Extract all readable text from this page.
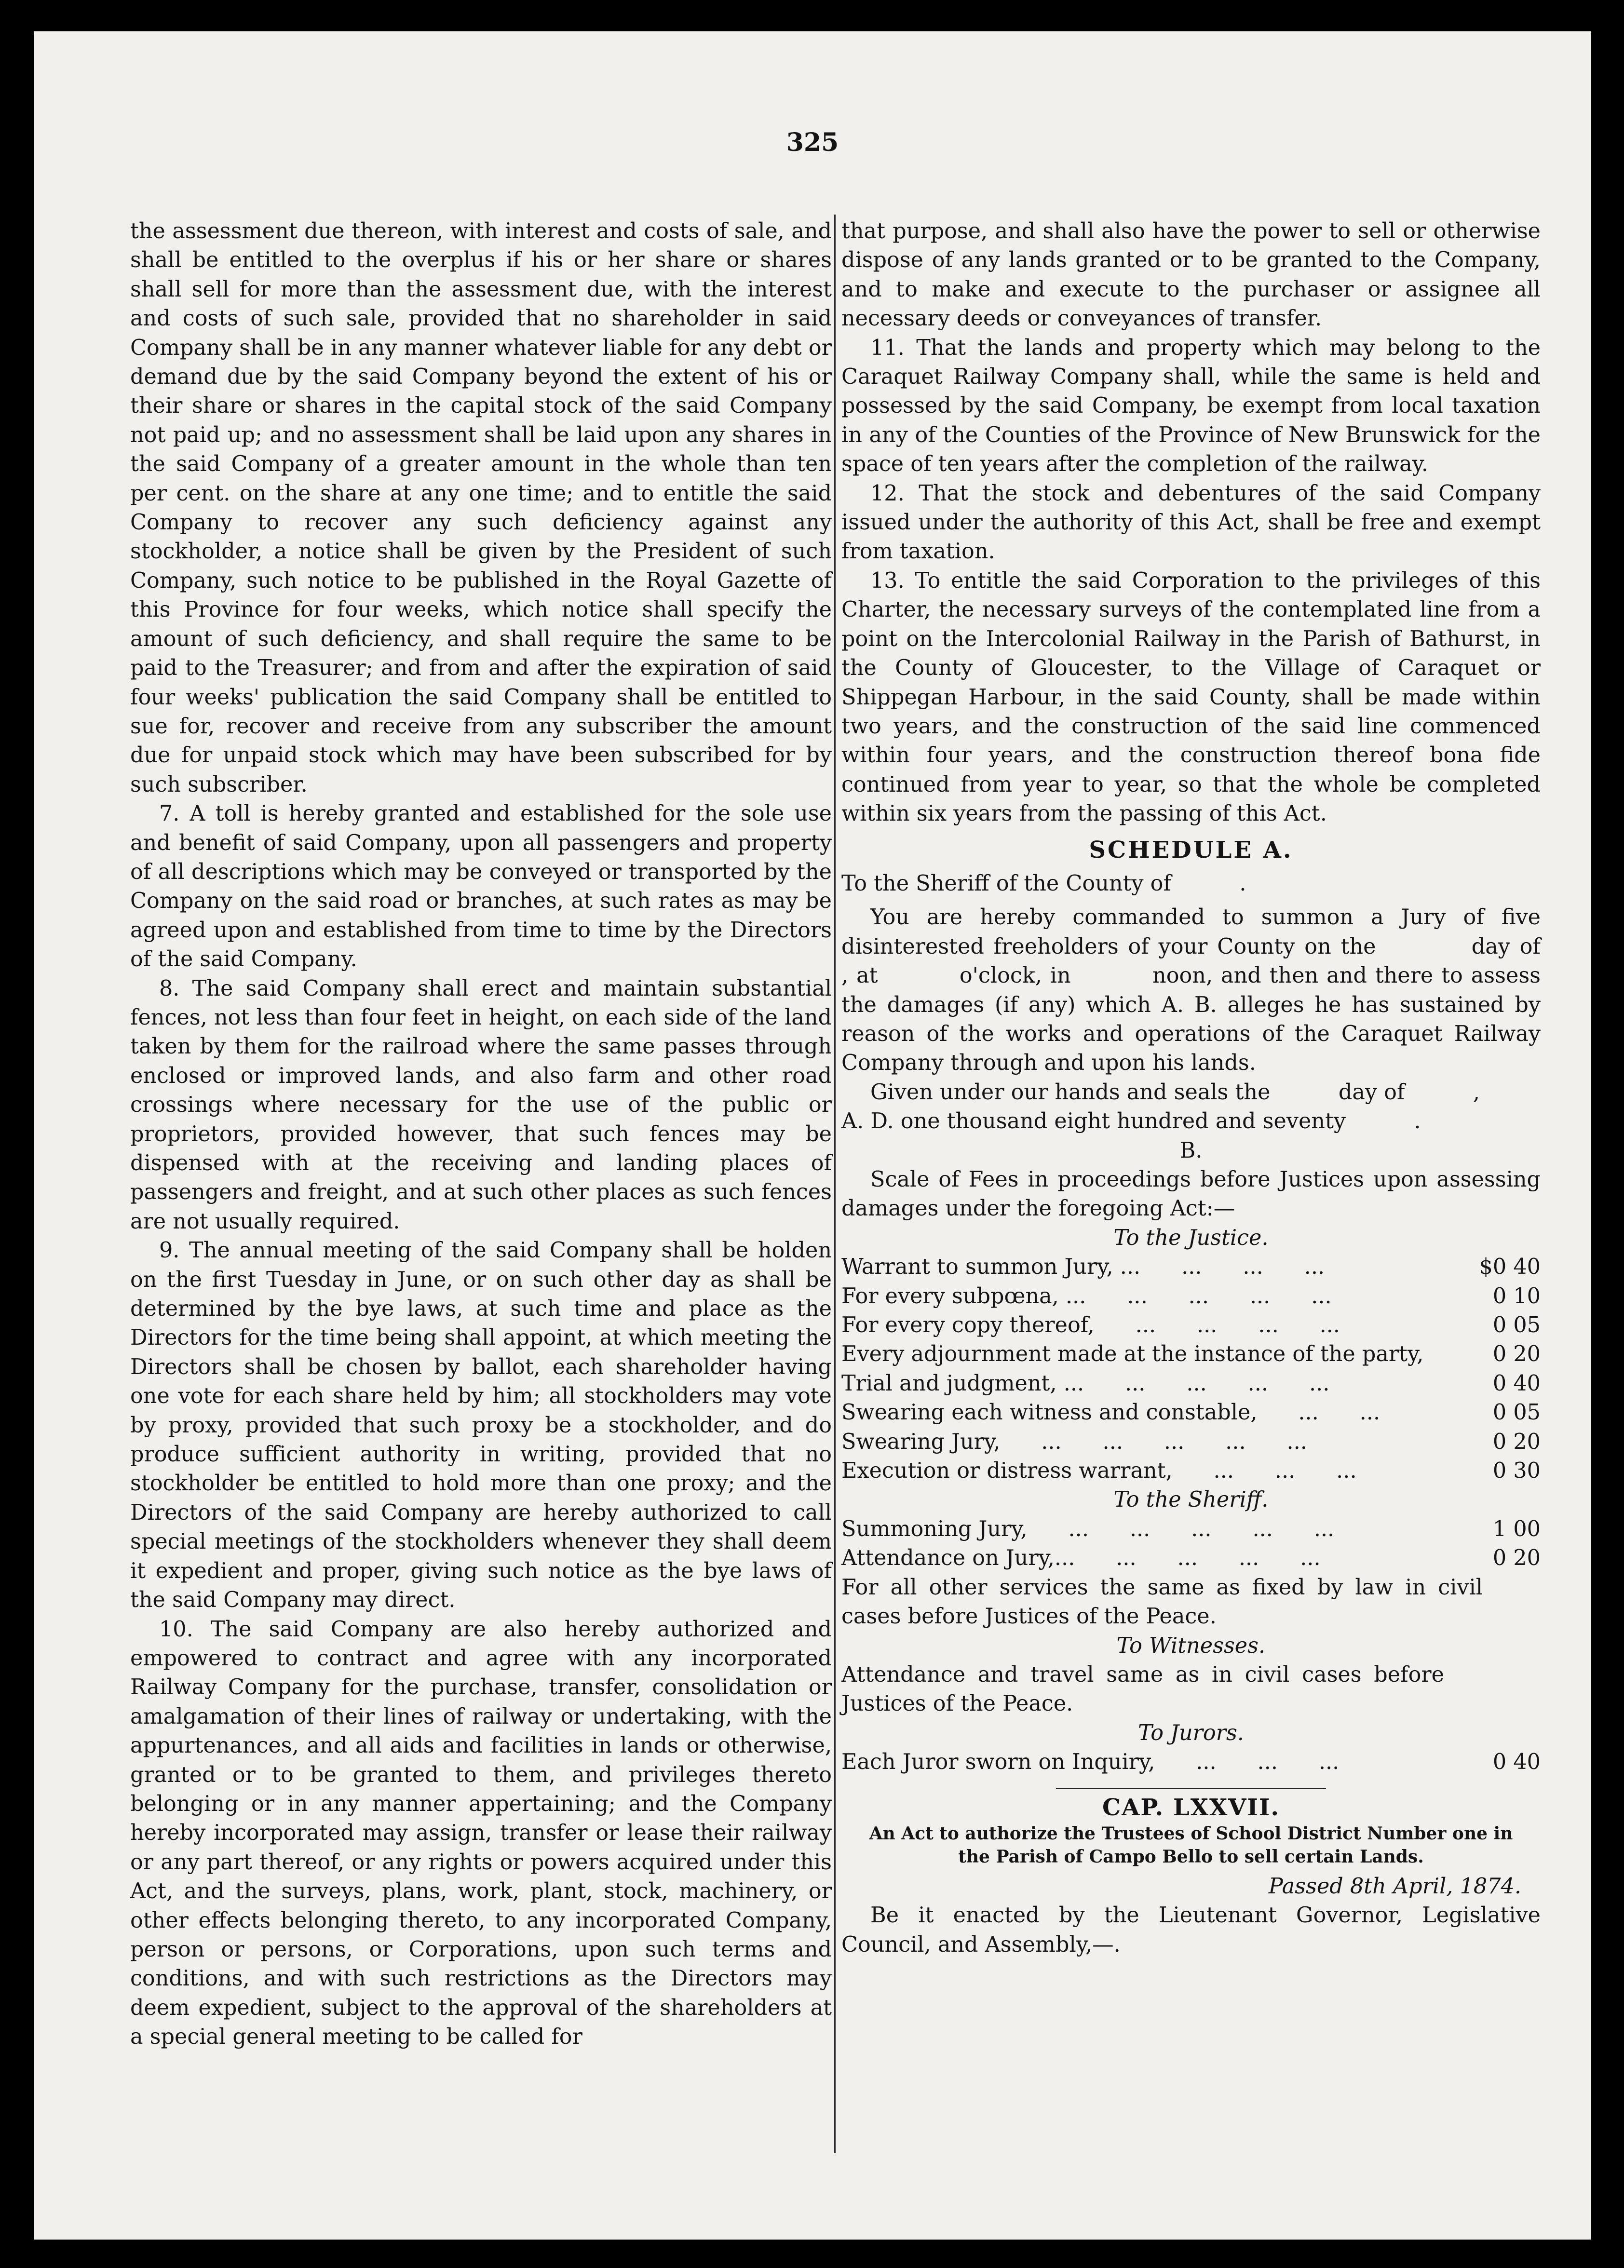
325

the assessment due thereon, with interest and costs of sale, and shall be entitled to the overplus if his or her share or shares shall sell for more than the assessment due, with the interest and costs of such sale, provided that no shareholder in said Company shall be in any manner whatever liable for any debt or demand due by the said Company beyond the extent of his or their share or shares in the capital stock of the said Company not paid up; and no assessment shall be laid upon any shares in the said Company of a greater amount in the whole than ten per cent. on the share at any one time; and to entitle the said Company to recover any such deficiency against any stockholder, a notice shall be given by the President of such Company, such notice to be published in the Royal Gazette of this Province for four weeks, which notice shall specify the amount of such deficiency, and shall require the same to be paid to the Treasurer; and from and after the expiration of said four weeks' publication the said Company shall be entitled to sue for, recover and receive from any subscriber the amount due for unpaid stock which may have been subscribed for by such subscriber.

7. A toll is hereby granted and established for the sole use and benefit of said Company, upon all passengers and property of all descriptions which may be conveyed or transported by the Company on the said road or branches, at such rates as may be agreed upon and established from time to time by the Directors of the said Company.

8. The said Company shall erect and maintain substantial fences, not less than four feet in height, on each side of the land taken by them for the railroad where the same passes through enclosed or improved lands, and also farm and other road crossings where necessary for the use of the public or proprietors, provided however, that such fences may be dispensed with at the receiving and landing places of passengers and freight, and at such other places as such fences are not usually required.

9. The annual meeting of the said Company shall be holden on the first Tuesday in June, or on such other day as shall be determined by the bye laws, at such time and place as the Directors for the time being shall appoint, at which meeting the Directors shall be chosen by ballot, each shareholder having one vote for each share held by him; all stockholders may vote by proxy, provided that such proxy be a stockholder, and do produce sufficient authority in writing, provided that no stockholder be entitled to hold more than one proxy; and the Directors of the said Company are hereby authorized to call special meetings of the stockholders whenever they shall deem it expedient and proper, giving such notice as the bye laws of the said Company may direct.

10. The said Company are also hereby authorized and empowered to contract and agree with any incorporated Railway Company for the purchase, transfer, consolidation or amalgamation of their lines of railway or undertaking, with the appurtenances, and all aids and facilities in lands or otherwise, granted or to be granted to them, and privileges thereto belonging or in any manner appertaining; and the Company hereby incorporated may assign, transfer or lease their railway or any part thereof, or any rights or powers acquired under this Act, and the surveys, plans, work, plant, stock, machinery, or other effects belonging thereto, to any incorporated Company, person or persons, or Corporations, upon such terms and conditions, and with such restrictions as the Directors may deem expedient, subject to the approval of the shareholders at a special general meeting to be called for

that purpose, and shall also have the power to sell or otherwise dispose of any lands granted or to be granted to the Company, and to make and execute to the purchaser or assignee all necessary deeds or conveyances of transfer.

11. That the lands and property which may belong to the Caraquet Railway Company shall, while the same is held and possessed by the said Company, be exempt from local taxation in any of the Counties of the Province of New Brunswick for the space of ten years after the completion of the railway.

12. That the stock and debentures of the said Company issued under the authority of this Act, shall be free and exempt from taxation.

13. To entitle the said Corporation to the privileges of this Charter, the necessary surveys of the contemplated line from a point on the Intercolonial Railway in the Parish of Bathurst, in the County of Gloucester, to the Village of Caraquet or Shippegan Harbour, in the said County, shall be made within two years, and the construction of the said line commenced within four years, and the construction thereof bona fide continued from year to year, so that the whole be completed within six years from the passing of this Act.

SCHEDULE A.

To the Sheriff of the County of          .

You are hereby commanded to summon a Jury of five disinterested freeholders of your County on the          day of          , at          o'clock, in          noon, and then and there to assess the damages (if any) which A. B. alleges he has sustained by reason of the works and operations of the Caraquet Railway Company through and upon his lands.

Given under our hands and seals the          day of          ,

A. D. one thousand eight hundred and seventy          .

B.

Scale of Fees in proceedings before Justices upon assessing damages under the foregoing Act:—

To the Justice.

Warrant to summon Jury, ...      ...      ...      ...	$0 40
For every subpœna, ...      ...      ...      ...      ...	0 10
For every copy thereof,      ...      ...      ...      ...	0 05
Every adjournment made at the instance of the party,	0 20
Trial and judgment, ...      ...      ...      ...      ...	0 40
Swearing each witness and constable,      ...      ...	0 05
Swearing Jury,      ...      ...      ...      ...      ...	0 20
Execution or distress warrant,      ...      ...      ...	0 30

To the Sheriff.

Summoning Jury,      ...      ...      ...      ...      ...	1 00
Attendance on Jury,...      ...      ...      ...      ...	0 20

For all other services the same as fixed by law in civil cases before Justices of the Peace.

To Witnesses.

Attendance and travel same as in civil cases before Justices of the Peace.

To Jurors.

Each Juror sworn on Inquiry,      ...      ...      ...	0 40

CAP. LXXVII.

An Act to authorize the Trustees of School District Number one in the Parish of Campo Bello to sell certain Lands.

Passed 8th April, 1874.

Be it enacted by the Lieutenant Governor, Legislative Council, and Assembly,—.
